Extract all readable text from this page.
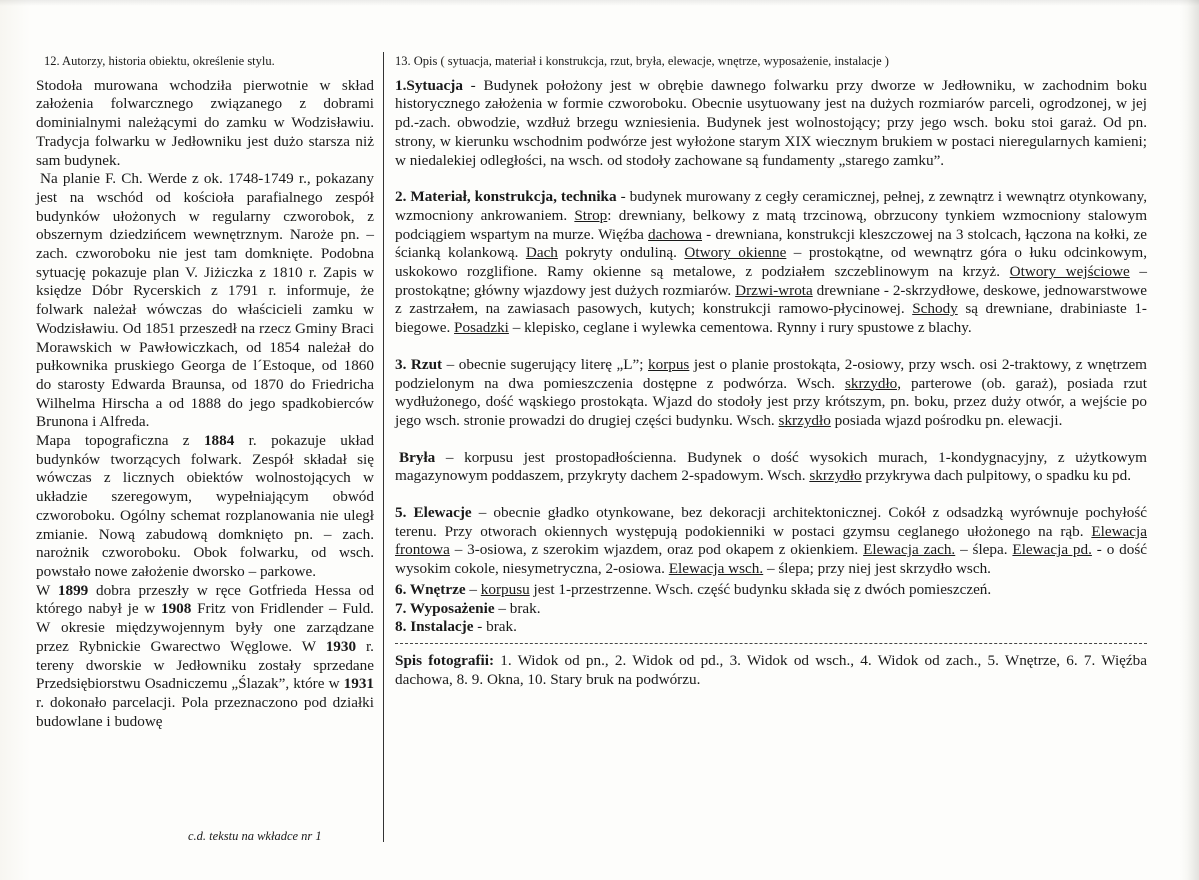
12. Autorzy, historia obiektu, określenie stylu.

Stodoła murowana wchodziła pierwotnie w skład założenia folwarcznego związanego z dobrami dominialnymi należącymi do zamku w Wodzisławiu. Tradycja folwarku w Jedłowniku jest dużo starsza niż sam budynek.

Na planie F. Ch. Werde z ok. 1748-1749 r., pokazany jest na wschód od kościoła parafialnego zespół budynków ułożonych w regularny czworobok, z obszernym dziedzińcem wewnętrznym. Naroże pn. – zach. czworoboku nie jest tam domknięte. Podobna sytuację pokazuje plan V. Jiżiczka z 1810 r. Zapis w księdze Dóbr Rycerskich z 1791 r. informuje, że folwark należał wówczas do właścicieli zamku w Wodzisławiu. Od 1851 przeszedł na rzecz Gminy Braci Morawskich w Pawłowiczkach, od 1854 należał do pułkownika pruskiego Georga de l´Estoque, od 1860 do starosty Edwarda Braunsa, od 1870 do Friedricha Wilhelma Hirscha a od 1888 do jego spadkobierców Brunona i Alfreda.

Mapa topograficzna z 1884 r. pokazuje układ budynków tworzących folwark. Zespół składał się wówczas z licznych obiektów wolnostojących w układzie szeregowym, wypełniającym obwód czworoboku. Ogólny schemat rozplanowania nie uległ zmianie. Nową zabudową domknięto pn. – zach. narożnik czworoboku. Obok folwarku, od wsch. powstało nowe założenie dworsko – parkowe.

W 1899 dobra przeszły w ręce Gotfrieda Hessa od którego nabył je w 1908 Fritz von Fridlender – Fuld. W okresie międzywojennym były one zarządzane przez Rybnickie Gwarectwo Węglowe. W 1930 r. tereny dworskie w Jedłowniku zostały sprzedane Przedsiębiorstwu Osadniczemu „Ślazak”, które w 1931 r. dokonało parcelacji. Pola przeznaczono pod działki budowlane i budowę

c.d. tekstu na wkładce nr 1
13. Opis ( sytuacja, materiał i konstrukcja, rzut, bryła, elewacje, wnętrze, wyposażenie, instalacje )

1.Sytuacja - Budynek położony jest w obrębie dawnego folwarku przy dworze w Jedłowniku, w zachodnim boku historycznego założenia w formie czworoboku. Obecnie usytuowany jest na dużych rozmiarów parceli, ogrodzonej, w jej pd.-zach. obwodzie, wzdłuż brzegu wzniesienia. Budynek jest wolnostojący; przy jego wsch. boku stoi garaż. Od pn. strony, w kierunku wschodnim podwórze jest wyłożone starym XIX wiecznym brukiem w postaci nieregularnych kamieni; w niedalekiej odległości, na wsch. od stodoły zachowane są fundamenty „starego zamku”.

2. Materiał, konstrukcja, technika - budynek murowany z cegły ceramicznej, pełnej, z zewnątrz i wewnątrz otynkowany, wzmocniony ankrowaniem. Strop: drewniany, belkowy z matą trzcinową, obrzucony tynkiem wzmocniony stalowym podciągiem wspartym na murze. Więźba dachowa - drewniana, konstrukcji kleszczowej na 3 stolcach, łączona na kołki, ze ścianką kolankową. Dach pokryty onduliną. Otwory okienne – prostokątne, od wewnątrz góra o łuku odcinkowym, uskokowo rozglifione. Ramy okienne są metalowe, z podziałem szczeblinowym na krzyż. Otwory wejściowe – prostokątne; główny wjazdowy jest dużych rozmiarów. Drzwi-wrota drewniane - 2-skrzydłowe, deskowe, jednowarstwowe z zastrzałem, na zawiasach pasowych, kutych; konstrukcji ramowo-płycinowej. Schody są drewniane, drabiniaste 1-biegowe. Posadzki – klepisko, ceglane i wylewka cementowa. Rynny i rury spustowe z blachy.

3. Rzut – obecnie sugerujący literę „L”; korpus jest o planie prostokąta, 2-osiowy, przy wsch. osi 2-traktowy, z wnętrzem podzielonym na dwa pomieszczenia dostępne z podwórza. Wsch. skrzydło, parterowe (ob. garaż), posiada rzut wydłużonego, dość wąskiego prostokąta. Wjazd do stodoły jest przy krótszym, pn. boku, przez duży otwór, a wejście po jego wsch. stronie prowadzi do drugiej części budynku. Wsch. skrzydło posiada wjazd pośrodku pn. elewacji.

Bryła – korpusu jest prostopadłościenna. Budynek o dość wysokich murach, 1-kondygnacyjny, z użytkowym magazynowym poddaszem, przykryty dachem 2-spadowym. Wsch. skrzydło przykrywa dach pulpitowy, o spadku ku pd.

5. Elewacje – obecnie gładko otynkowane, bez dekoracji architektonicznej. Cokół z odsadzką wyrównuje pochyłość terenu. Przy otworach okiennych występują podokienniki w postaci gzymsu ceglanego ułożonego na rąb. Elewacja frontowa – 3-osiowa, z szerokim wjazdem, oraz pod okapem z okienkiem. Elewacja zach. – ślepa. Elewacja pd. - o dość wysokim cokole, niesymetryczna, 2-osiowa. Elewacja wsch. – ślepa; przy niej jest skrzydło wsch.

6. Wnętrze – korpusu jest 1-przestrzenne. Wsch. część budynku składa się z dwóch pomieszczeń.

7. Wyposażenie – brak.

8. Instalacje - brak.

Spis fotografii: 1. Widok od pn., 2. Widok od pd., 3. Widok od wsch., 4. Widok od zach., 5. Wnętrze, 6. 7. Więźba dachowa, 8. 9. Okna, 10. Stary bruk na podwórzu.
